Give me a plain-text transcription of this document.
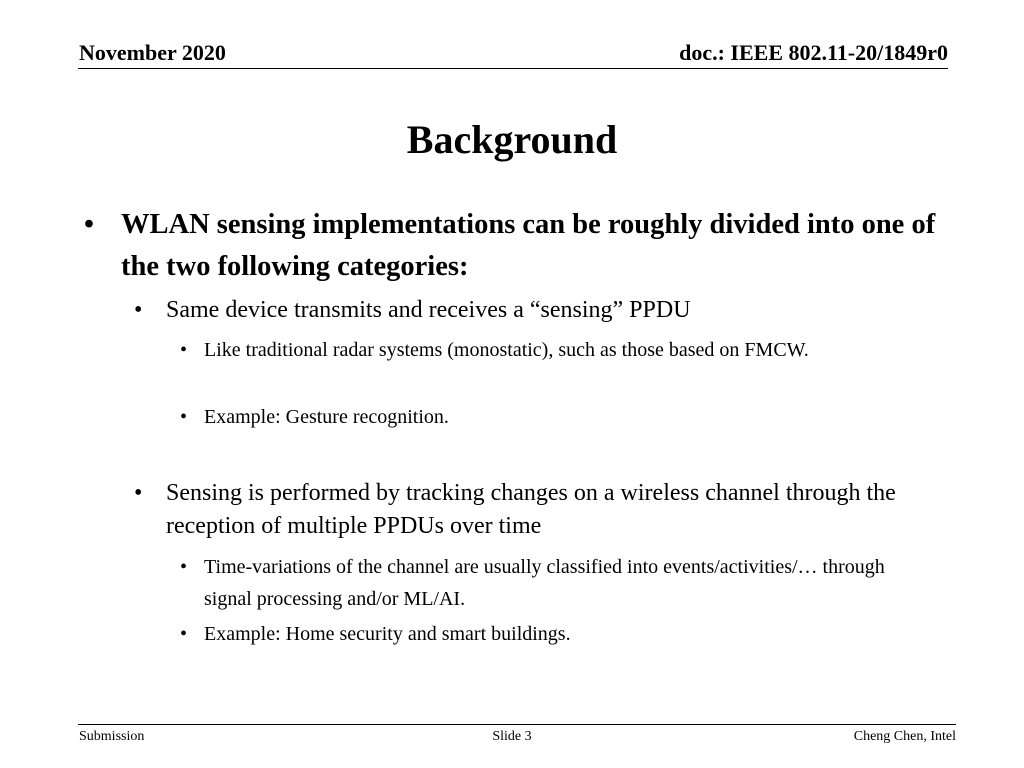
November 2020	doc.: IEEE 802.11-20/1849r0
Background
• WLAN sensing implementations can be roughly divided into one of the two following categories:
• Same device transmits and receives a “sensing” PPDU
• Like traditional radar systems (monostatic), such as those based on FMCW.
• Example: Gesture recognition.
• Sensing is performed by tracking changes on a wireless channel through the reception of multiple PPDUs over time
• Time-variations of the channel are usually classified into events/activities/… through signal processing and/or ML/AI.
• Example: Home security and smart buildings.
Submission	Slide 3	Cheng Chen, Intel
